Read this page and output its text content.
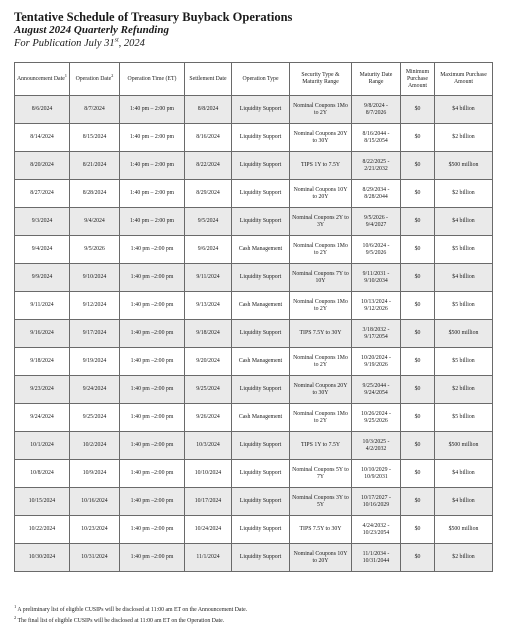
Tentative Schedule of Treasury Buyback Operations
August 2024 Quarterly Refunding
For Publication July 31st, 2024
Announcement Date$^1$	Operation Date$^2$	Operation Time (ET)	Settlement Date	Operation Type	Security Type & Maturity Range	Maturity Date Range	Minimum Purchase Amount	Maximum Purchase Amount
8/6/2024	8/7/2024	1:40 pm – 2:00 pm	8/8/2024	Liquidity Support	Nominal Coupons 1Mo to 2Y	9/8/2024 - 8/7/2026	$0	$4 billion
8/14/2024	8/15/2024	1:40 pm – 2:00 pm	8/16/2024	Liquidity Support	Nominal Coupons 20Y to 30Y	8/16/2044 - 8/15/2054	$0	$2 billion
8/20/2024	8/21/2024	1:40 pm – 2:00 pm	8/22/2024	Liquidity Support	TIPS 1Y to 7.5Y	8/22/2025 - 2/21/2032	$0	$500 million
8/27/2024	8/28/2024	1:40 pm – 2:00 pm	8/29/2024	Liquidity Support	Nominal Coupons 10Y to 20Y	8/29/2034 - 8/28/2044	$0	$2 billion
9/3/2024	9/4/2024	1:40 pm – 2:00 pm	9/5/2024	Liquidity Support	Nominal Coupons 2Y to 3Y	9/5/2026 - 9/4/2027	$0	$4 billion
9/4/2024	9/5/2026	1:40 pm –2:00 pm	9/6/2024	Cash Management	Nominal Coupons 1Mo to 2Y	10/6/2024 - 9/5/2026	$0	$5 billion
9/9/2024	9/10/2024	1:40 pm –2:00 pm	9/11/2024	Liquidity Support	Nominal Coupons 7Y to 10Y	9/11/2031 - 9/10/2034	$0	$4 billion
9/11/2024	9/12/2024	1:40 pm –2:00 pm	9/13/2024	Cash Management	Nominal Coupons 1Mo to 2Y	10/13/2024 - 9/12/2026	$0	$5 billion
9/16/2024	9/17/2024	1:40 pm –2:00 pm	9/18/2024	Liquidity Support	TIPS 7.5Y to 30Y	3/18/2032 - 9/17/2054	$0	$500 million
9/18/2024	9/19/2024	1:40 pm –2:00 pm	9/20/2024	Cash Management	Nominal Coupons 1Mo to 2Y	10/20/2024 - 9/19/2026	$0	$5 billion
9/23/2024	9/24/2024	1:40 pm –2:00 pm	9/25/2024	Liquidity Support	Nominal Coupons 20Y to 30Y	9/25/2044 - 9/24/2054	$0	$2 billion
9/24/2024	9/25/2024	1:40 pm –2:00 pm	9/26/2024	Cash Management	Nominal Coupons 1Mo to 2Y	10/26/2024 - 9/25/2026	$0	$5 billion
10/1/2024	10/2/2024	1:40 pm –2:00 pm	10/3/2024	Liquidity Support	TIPS 1Y to 7.5Y	10/3/2025 - 4/2/2032	$0	$500 million
10/8/2024	10/9/2024	1:40 pm –2:00 pm	10/10/2024	Liquidity Support	Nominal Coupons 5Y to 7Y	10/10/2029 - 10/9/2031	$0	$4 billion
10/15/2024	10/16/2024	1:40 pm –2:00 pm	10/17/2024	Liquidity Support	Nominal Coupons 3Y to 5Y	10/17/2027 - 10/16/2029	$0	$4 billion
10/22/2024	10/23/2024	1:40 pm –2:00 pm	10/24/2024	Liquidity Support	TIPS 7.5Y to 30Y	4/24/2032 - 10/23/2054	$0	$500 million
10/30/2024	10/31/2024	1:40 pm –2:00 pm	11/1/2024	Liquidity Support	Nominal Coupons 10Y to 20Y	11/1/2034 - 10/31/2044	$0	$2 billion
$^1$ A preliminary list of eligible CUSIPs will be disclosed at 11:00 am ET on the Announcement Date.
$^2$ The final list of eligible CUSIPs will be disclosed at 11:00 am ET on the Operation Date.
